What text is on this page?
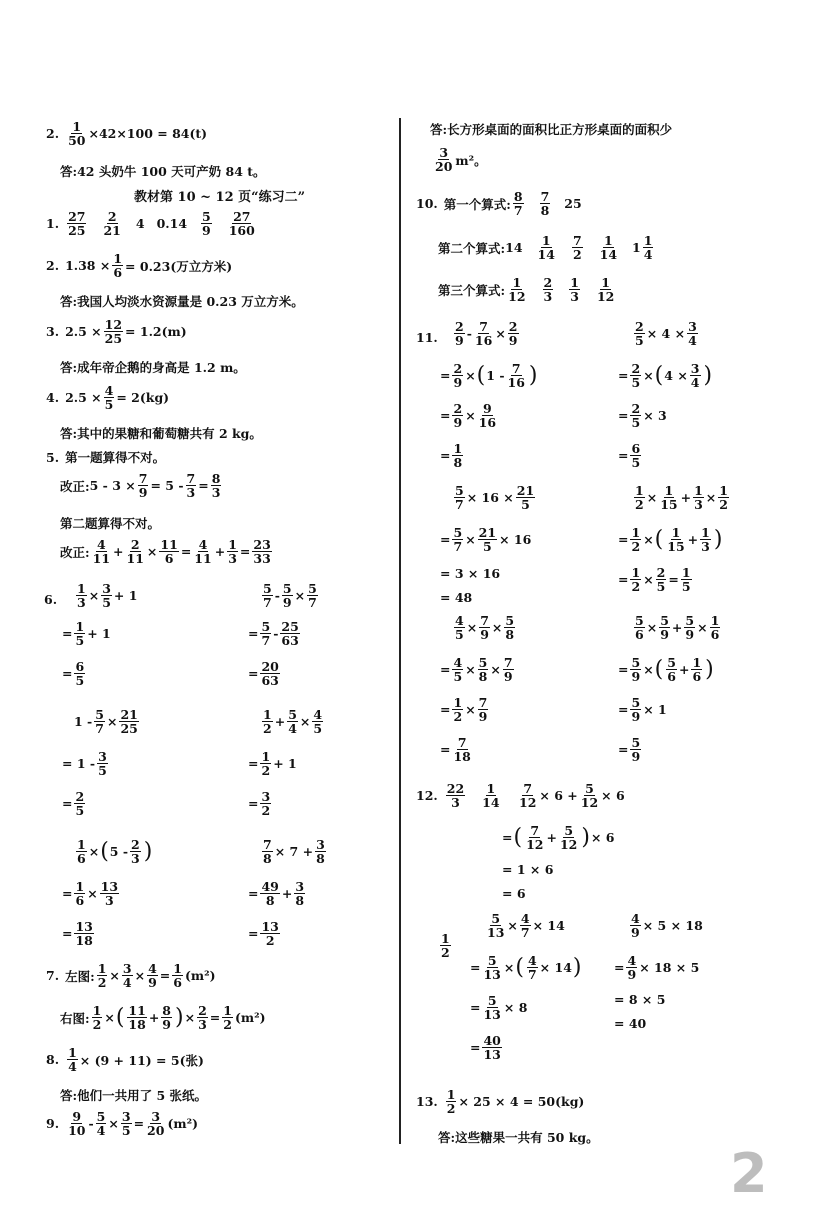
2. $\frac{1}{50} \times 42\times 100 = 84(t)$
答:42 头奶牛 100 天可产奶 84 t。
教材第 10 ~ 12 页“练习二”
1. $\frac{27}{25} \frac{2}{21} 4$ $0.14 \frac{5}{9} \frac{27}{160}$
2. $1.38 \times \frac{1}{6} = 0.23$(万立方米)
答:我国人均淡水资源量是 0.23 万立方米。
3. $2.5 \times \frac{12}{25} = 1.2(m)$
答:成年帝企鹅的身高是 1.2 m。
4. $2.5 \times \frac{4}{5} = 2(kg)$
答:其中的果糖和葡萄糖共有 2 kg。
5. 第一题算得不对。
改正: $5 - 3 \times \frac{7}{9} = 5 - \frac{7}{3} = \frac{8}{3}$
第二题算得不对。
改正: $\frac{4}{11} + \frac{2}{11} \times \frac{11}{6} = \frac{4}{11} + \frac{1}{3} = \frac{23}{33}$
6. $\frac{1}{3} \times \frac{3}{5} + 1$
= $\frac{1}{5} + 1$
= $\frac{6}{5}$
$\frac{5}{7} - \frac{5}{9} \times \frac{5}{7}$
= $\frac{5}{7} - \frac{25}{63}$
= $\frac{20}{63}$
$1 - \frac{5}{7} \times \frac{21}{25}$
= $1 - \frac{3}{5}$
= $\frac{2}{5}$
$\frac{1}{2} + \frac{5}{4} \times \frac{4}{5}$
= $\frac{1}{2} + 1$
= $\frac{3}{2}$
$\frac{1}{6}$ × ( $5 - \frac{2}{3}$ )
= $\frac{1}{6} \times \frac{13}{3}$
= $\frac{13}{18}$
$\frac{7}{8} \times 7 + \frac{3}{8}$
= $\frac{49}{8} + \frac{3}{8}$
= $\frac{13}{2}$
7. 左图: $\frac{1}{2} \times \frac{3}{4} \times \frac{4}{9} = \frac{1}{6} (m^2)$
右图: $\frac{1}{2}$ × ( $\frac{11}{18} + \frac{8}{9}$ ) × $\frac{2}{3} = \frac{1}{2} (m^2)$
8. $\frac{1}{4} \times (9 + 11) = 5$(张)
答:他们一共用了 5 张纸。
9. $\frac{9}{10} - \frac{5}{4} \times \frac{3}{5} = \frac{3}{20} (m^2)$
答:长方形桌面的面积比正方形桌面的面积少
$\frac{3}{20} m^2$。
10. 第一个算式: $\frac{8}{7} \frac{7}{8} 25$
第二个算式: $14 \frac{1}{14} \frac{7}{2} \frac{1}{14} 1 \frac{1}{4}$
第三个算式: $\frac{1}{12} \frac{2}{3} \frac{1}{3} \frac{1}{12}$
11. $\frac{2}{9} - \frac{7}{16} \times \frac{2}{9}$
= $\frac{2}{9}$ × ( $1 - \frac{7}{16}$ )
= $\frac{2}{9} \times \frac{9}{16}$
= $\frac{1}{8}$
$\frac{2}{5} \times 4 \times \frac{3}{4}$
= $\frac{2}{5}$ × ( $4 \times \frac{3}{4}$ )
= $\frac{2}{5} \times 3$
= $\frac{6}{5}$
$\frac{5}{7} \times 16 \times \frac{21}{5}$
= $\frac{5}{7} \times \frac{21}{5} \times 16$
= 3 × 16
= 48
$\frac{1}{2} \times \frac{1}{15} + \frac{1}{3} \times \frac{1}{2}$
= $\frac{1}{2}$ × ( $\frac{1}{15} + \frac{1}{3}$ )
= $\frac{1}{2} \times \frac{2}{5} = \frac{1}{5}$
$\frac{4}{5} \times \frac{7}{9} \times \frac{5}{8}$
= $\frac{4}{5} \times \frac{5}{8} \times \frac{7}{9}$
= $\frac{1}{2} \times \frac{7}{9}$
= $\frac{7}{18}$
$\frac{5}{6} \times \frac{5}{9} + \frac{5}{9} \times \frac{1}{6}$
= $\frac{5}{9}$ × ( $\frac{5}{6} + \frac{1}{6}$ )
= $\frac{5}{9} \times 1$
= $\frac{5}{9}$
12. $\frac{22}{3} \frac{1}{14} \frac{7}{12} \times 6 + \frac{5}{12} \times 6$
= ( $\frac{7}{12} + \frac{5}{12}$ ) × 6
= 1 × 6
= 6
$\frac{1}{2}$
$\frac{5}{13} \times \frac{4}{7} \times 14$
= $\frac{5}{13}$ × ( $\frac{4}{7} \times 14$ )
= $\frac{5}{13} \times 8$
= $\frac{40}{13}$
$\frac{4}{9} \times 5 \times 18$
= $\frac{4}{9} \times 18 \times 5$
= 8 × 5
= 40
13. $\frac{1}{2} \times 25 \times 4 = 50(kg)$
答:这些糖果一共有 50 kg。
2
